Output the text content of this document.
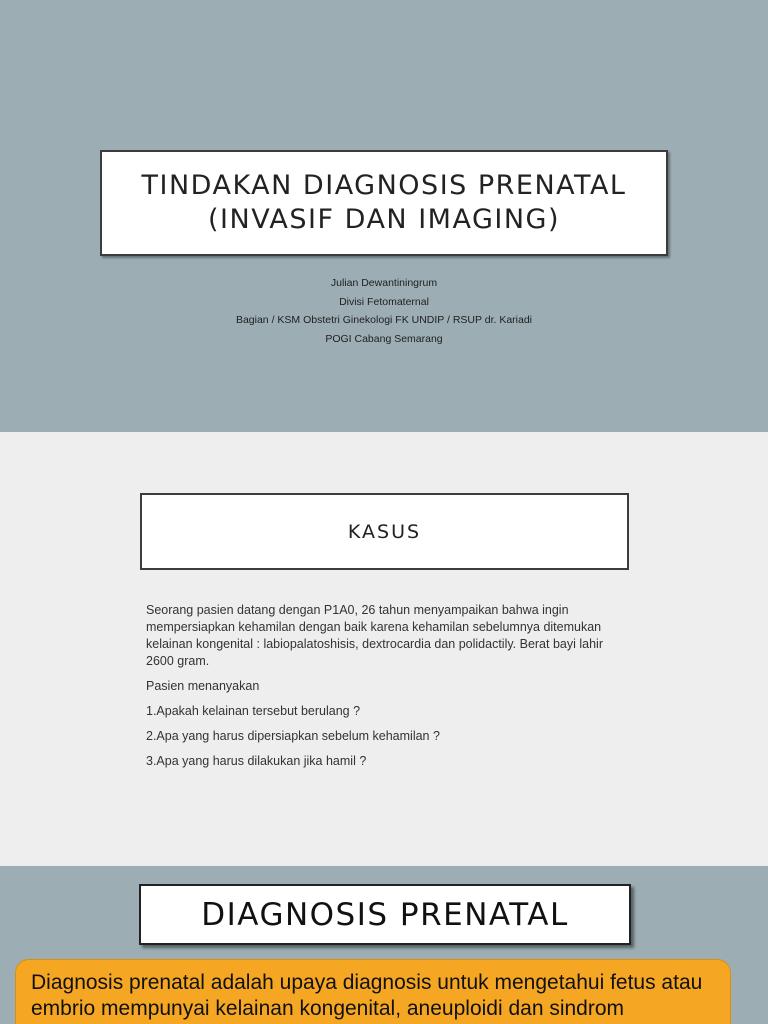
TINDAKAN DIAGNOSIS PRENATAL
(INVASIF DAN IMAGING)
Julian Dewantiningrum
Divisi Fetomaternal
Bagian / KSM Obstetri Ginekologi FK UNDIP / RSUP dr. Kariadi
POGI Cabang Semarang
KASUS

Seorang pasien datang dengan P1A0, 26 tahun menyampaikan bahwa ingin mempersiapkan kehamilan dengan baik karena kehamilan sebelumnya ditemukan kelainan kongenital : labiopalatoshisis, dextrocardia dan polidactily. Berat bayi lahir 2600 gram.

Pasien menanyakan

1.Apakah kelainan tersebut berulang ?

2.Apa yang harus dipersiapkan sebelum kehamilan ?

3.Apa yang harus dilakukan jika hamil ?

DIAGNOSIS PRENATAL

Diagnosis prenatal adalah upaya diagnosis untuk mengetahui fetus atau embrio mempunyai kelainan kongenital, aneuploidi dan sindrom
